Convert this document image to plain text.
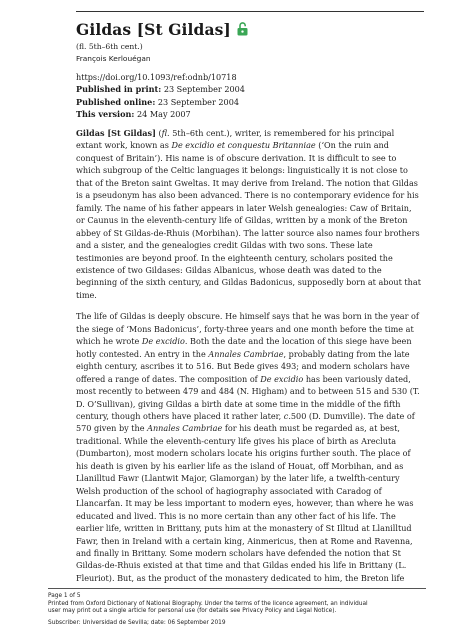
Gildas [St Gildas]
(fl. 5th–6th cent.)
François Kerlouégan
https://doi.org/10.1093/ref:odnb/10718
Published in print: 23 September 2004
Published online: 23 September 2004
This version: 24 May 2007

Gildas [St Gildas] (fl. 5th–6th cent.), writer, is remembered for his principal extant work, known as De excidio et conquestu Britanniae (‘On the ruin and conquest of Britain’). His name is of obscure derivation. It is difficult to see to which subgroup of the Celtic languages it belongs: linguistically it is not close to that of the Breton saint Gweltas. It may derive from Ireland. The notion that Gildas is a pseudonym has also been advanced. There is no contemporary evidence for his family. The name of his father appears in later Welsh genealogies: Caw of Britain, or Caunus in the eleventh-century life of Gildas, written by a monk of the Breton abbey of St Gildas-de-Rhuis (Morbihan). The latter source also names four brothers and a sister, and the genealogies credit Gildas with two sons. These late testimonies are beyond proof. In the eighteenth century, scholars posited the existence of two Gildases: Gildas Albanicus, whose death was dated to the beginning of the sixth century, and Gildas Badonicus, supposedly born at about that time.

The life of Gildas is deeply obscure. He himself says that he was born in the year of the siege of ‘Mons Badonicus’, forty-three years and one month before the time at which he wrote De excidio. Both the date and the location of this siege have been hotly contested. An entry in the Annales Cambriae, probably dating from the late eighth century, ascribes it to 516. But Bede gives 493; and modern scholars have offered a range of dates. The composition of De excidio has been variously dated, most recently to between 479 and 484 (N. Higham) and to between 515 and 530 (T. D. O’Sullivan), giving Gildas a birth date at some time in the middle of the fifth century, though others have placed it rather later, c.500 (D. Dumville). The date of 570 given by the Annales Cambriae for his death must be regarded as, at best, traditional. While the eleventh-century life gives his place of birth as Arecluta (Dumbarton), most modern scholars locate his origins further south. The place of his death is given by his earlier life as the island of Houat, off Morbihan, and as Llanilltud Fawr (Llantwit Major, Glamorgan) by the later life, a twelfth-century Welsh production of the school of hagiography associated with Caradog of Llancarfan. It may be less important to modern eyes, however, than where he was educated and lived. This is no more certain than any other fact of his life. The earlier life, written in Brittany, puts him at the monastery of St Illtud at Llanilltud Fawr, then in Ireland with a certain king, Ainmericus, then at Rome and Ravenna, and finally in Brittany. Some modern scholars have defended the notion that St Gildas-de-Rhuis existed at that time and that Gildas ended his life in Brittany (L. Fleuriot). But, as the product of the monastery dedicated to him, the Breton life

Page 1 of 5
Printed from Oxford Dictionary of National Biography. Under the terms of the licence agreement, an individual
user may print out a single article for personal use (for details see Privacy Policy and Legal Notice).
Subscriber: Universidad de Sevilla; date: 06 September 2019
